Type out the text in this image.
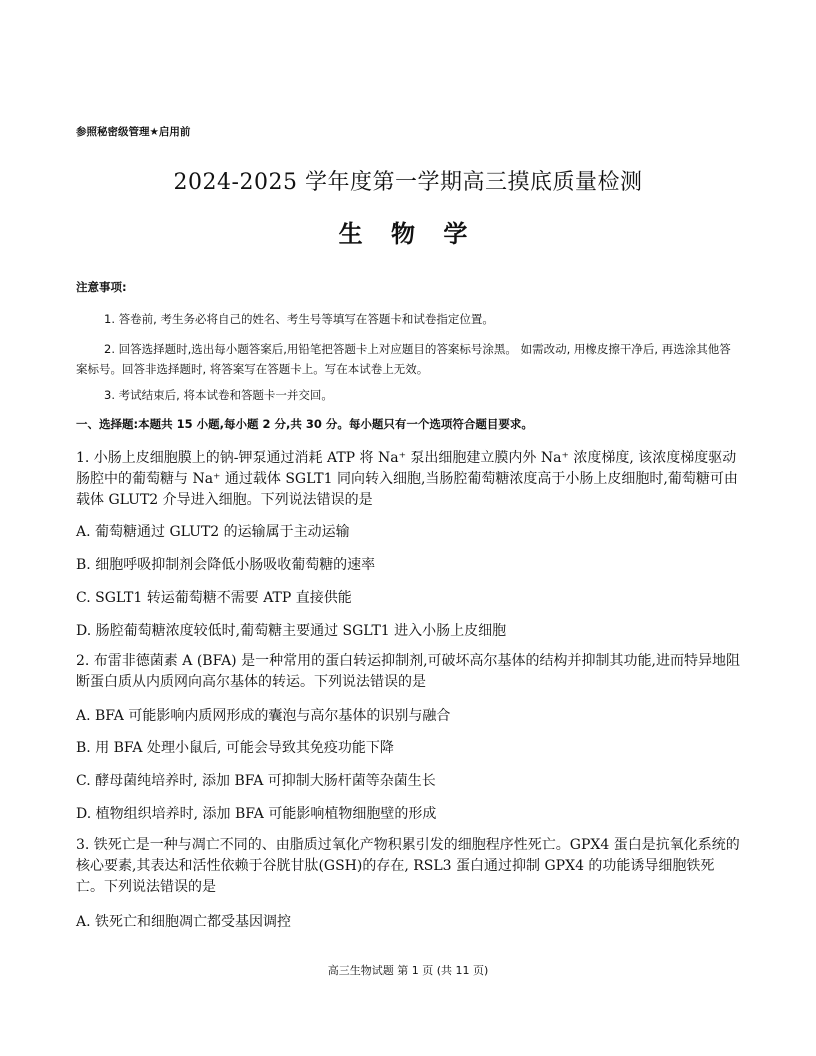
参照秘密级管理★启用前
2024-2025 学年度第一学期高三摸底质量检测
生 物 学
注意事项:
1. 答卷前, 考生务必将自己的姓名、考生号等填写在答题卡和试卷指定位置。
2. 回答选择题时,选出每小题答案后,用铅笔把答题卡上对应题目的答案标号涂黑。 如需改动, 用橡皮擦干净后, 再选涂其他答案标号。回答非选择题时, 将答案写在答题卡上。写在本试卷上无效。
3. 考试结束后, 将本试卷和答题卡一并交回。
一、选择题:本题共 15 小题,每小题 2 分,共 30 分。每小题只有一个选项符合题目要求。
1. 小肠上皮细胞膜上的钠-钾泵通过消耗 ATP 将 Na⁺ 泵出细胞建立膜内外 Na⁺ 浓度梯度, 该浓度梯度驱动肠腔中的葡萄糖与 Na⁺ 通过载体 SGLT1 同向转入细胞,当肠腔葡萄糖浓度高于小肠上皮细胞时,葡萄糖可由载体 GLUT2 介导进入细胞。下列说法错误的是
A. 葡萄糖通过 GLUT2 的运输属于主动运输
B. 细胞呼吸抑制剂会降低小肠吸收葡萄糖的速率
C. SGLT1 转运葡萄糖不需要 ATP 直接供能
D. 肠腔葡萄糖浓度较低时,葡萄糖主要通过 SGLT1 进入小肠上皮细胞
2. 布雷非德菌素 A (BFA) 是一种常用的蛋白转运抑制剂,可破坏高尔基体的结构并抑制其功能,进而特异地阻断蛋白质从内质网向高尔基体的转运。下列说法错误的是
A. BFA 可能影响内质网形成的囊泡与高尔基体的识别与融合
B. 用 BFA 处理小鼠后, 可能会导致其免疫功能下降
C. 酵母菌纯培养时, 添加 BFA 可抑制大肠杆菌等杂菌生长
D. 植物组织培养时, 添加 BFA 可能影响植物细胞壁的形成
3. 铁死亡是一种与凋亡不同的、由脂质过氧化产物积累引发的细胞程序性死亡。GPX4 蛋白是抗氧化系统的核心要素,其表达和活性依赖于谷胱甘肽(GSH)的存在, RSL3 蛋白通过抑制 GPX4 的功能诱导细胞铁死亡。下列说法错误的是
A. 铁死亡和细胞凋亡都受基因调控
高三生物试题 第 1 页 (共 11 页)
